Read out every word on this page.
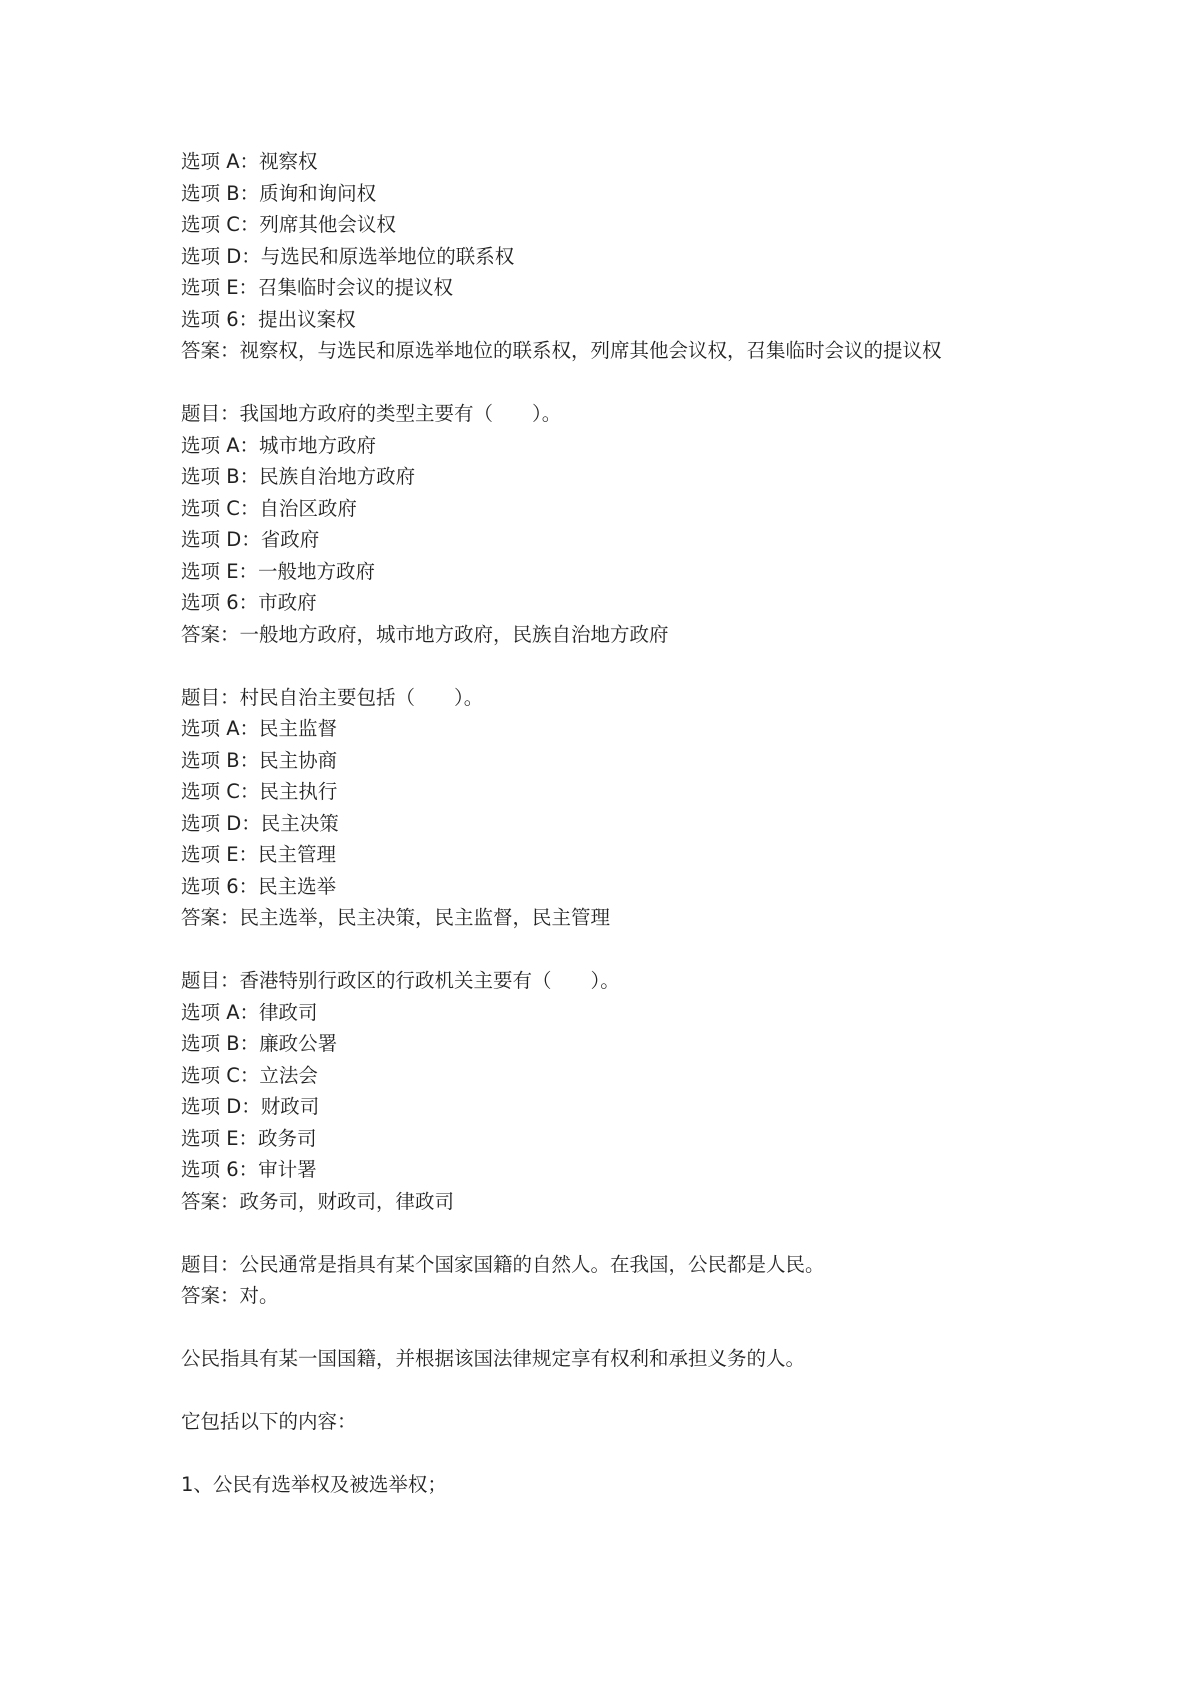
选项 A：视察权
选项 B：质询和询问权
选项 C：列席其他会议权
选项 D：与选民和原选举地位的联系权
选项 E：召集临时会议的提议权
选项 6：提出议案权
答案：视察权，与选民和原选举地位的联系权，列席其他会议权，召集临时会议的提议权
题目：我国地方政府的类型主要有（　　）。
选项 A：城市地方政府
选项 B：民族自治地方政府
选项 C：自治区政府
选项 D：省政府
选项 E：一般地方政府
选项 6：市政府
答案：一般地方政府，城市地方政府，民族自治地方政府
题目：村民自治主要包括（　　）。
选项 A：民主监督
选项 B：民主协商
选项 C：民主执行
选项 D：民主决策
选项 E：民主管理
选项 6：民主选举
答案：民主选举，民主决策，民主监督，民主管理
题目：香港特别行政区的行政机关主要有（　　）。
选项 A：律政司
选项 B：廉政公署
选项 C：立法会
选项 D：财政司
选项 E：政务司
选项 6：审计署
答案：政务司，财政司，律政司
题目：公民通常是指具有某个国家国籍的自然人。在我国，公民都是人民。
答案：对。
公民指具有某一国国籍，并根据该国法律规定享有权利和承担义务的人。
它包括以下的内容：
1、公民有选举权及被选举权；
